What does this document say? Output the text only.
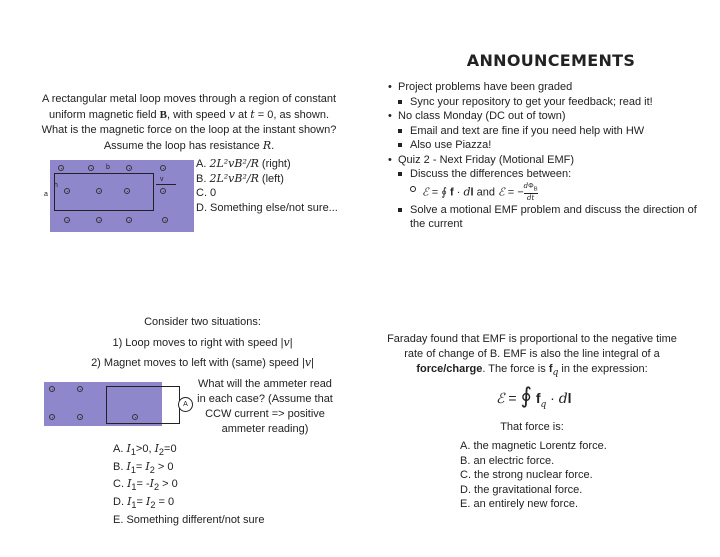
A rectangular metal loop moves through a region of constant uniform magnetic field B, with speed v at t = 0, as shown. What is the magnetic force on the loop at the instant shown? Assume the loop has resistance R.
b
a
v
h
A. 2L²vB²/R (right)
B. 2L²vB²/R (left)
C. 0
D. Something else/not sure...
ANNOUNCEMENTS
• Project problems have been graded
Sync your repository to get your feedback; read it!
• No class Monday (DC out of town)
Email and text are fine if you need help with HW
Also use Piazza!
• Quiz 2 - Next Friday (Motional EMF)
Discuss the differences between:
ℰ = ∮ f · dl and ℰ = $-d\Phi_B$

dt
Solve a motional EMF problem and discuss the direction of the current
Consider two situations:
1) Loop moves to right with speed |v|
2) Magnet moves to left with (same) speed |v|
A
What will the ammeter read in each case? (Assume that CCW current => positive ammeter reading)
A. $I_1>0$, $I_2=0$
B. $I_1= I_2 > 0$
C. $I_1= -I_2 > 0$
D. $I_1= I_2 = 0$
E. Something different/not sure
Faraday found that EMF is proportional to the negative time rate of change of B. EMF is also the line integral of a force/charge. The force is $f_q$ in the expression:
ℰ = ∮ $f_q$ · dl
That force is:
A. the magnetic Lorentz force.
B. an electric force.
C. the strong nuclear force.
D. the gravitational force.
E. an entirely new force.
